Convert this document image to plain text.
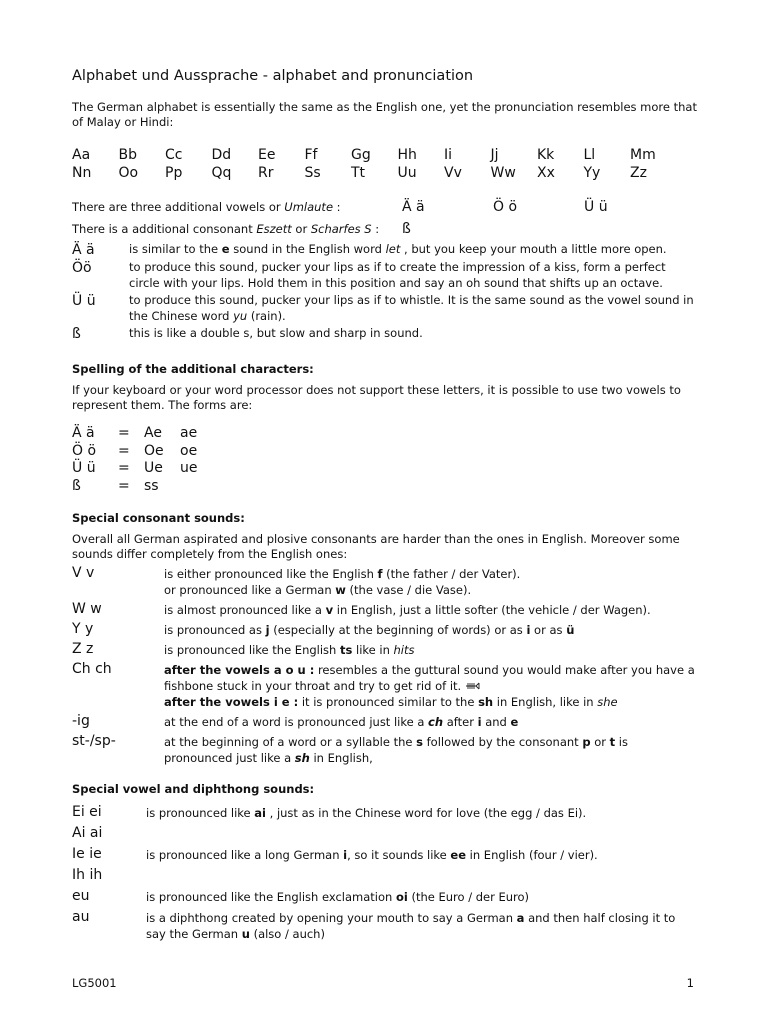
Alphabet und Aussprache - alphabet and pronunciation

The German alphabet is essentially the same as the English one, yet the pronunciation resembles more that of Malay or Hindi:

Aa	Bb	Cc	Dd	Ee	Ff	Gg	Hh	Ii	Jj	Kk	Ll	Mm
Nn	Oo	Pp	Qq	Rr	Ss	Tt	Uu	Vv	Ww	Xx	Yy	Zz
There are three additional vowels or Umlaute :	Ä ä	Ö ö	Ü ü
There is a additional consonant Eszett or Scharfes S :	ß
Ä ä	is similar to the e sound in the English word let , but you keep your mouth a little more open.
Öö	to produce this sound, pucker your lips as if to create the impression of a kiss, form a perfect circle with your lips. Hold them in this position and say an oh sound that shifts up an octave.
Ü ü	to produce this sound, pucker your lips as if to whistle. It is the same sound as the vowel sound in the Chinese word yu (rain).
ß	this is like a double s, but slow and sharp in sound.
Spelling of the additional characters:

If your keyboard or your word processor does not support these letters, it is possible to use two vowels to represent them. The forms are:

Ä ä	=	Ae	ae
Ö ö	=	Oe	oe
Ü ü	=	Ue	ue
ß	=	ss
Special consonant sounds:

Overall all German aspirated and plosive consonants are harder than the ones in English. Moreover some sounds differ completely from the English ones:

V v	is either pronounced like the English f (the father / der Vater).
or pronounced like a German w (the vase / die Vase).
W w	is almost pronounced like a v in English, just a little softer (the vehicle / der Wagen).
Y y	is pronounced as j (especially at the beginning of words) or as i or as ü
Z z	is pronounced like the English ts like in hits
Ch ch	after the vowels a o u : resembles a the guttural sound you would make after you have a fishbone stuck in your throat and try to get rid of it.
after the vowels i e : it is pronounced similar to the sh in English, like in she
-ig	at the end of a word is pronounced just like a ch after i and e
st-/sp-	at the beginning of a word or a syllable the s followed by the consonant p or t is
pronounced just like a sh in English,
Special vowel and diphthong sounds:
Ei ei	is pronounced like ai , just as in the Chinese word for love (the egg / das Ei).
Ai ai
Ie ie	is pronounced like a long German i, so it sounds like ee in English (four / vier).
Ih ih
eu	is pronounced like the English exclamation oi (the Euro / der Euro)
au	is a diphthong created by opening your mouth to say a German a and then half closing it to say the German u (also / auch)
LG5001	1
